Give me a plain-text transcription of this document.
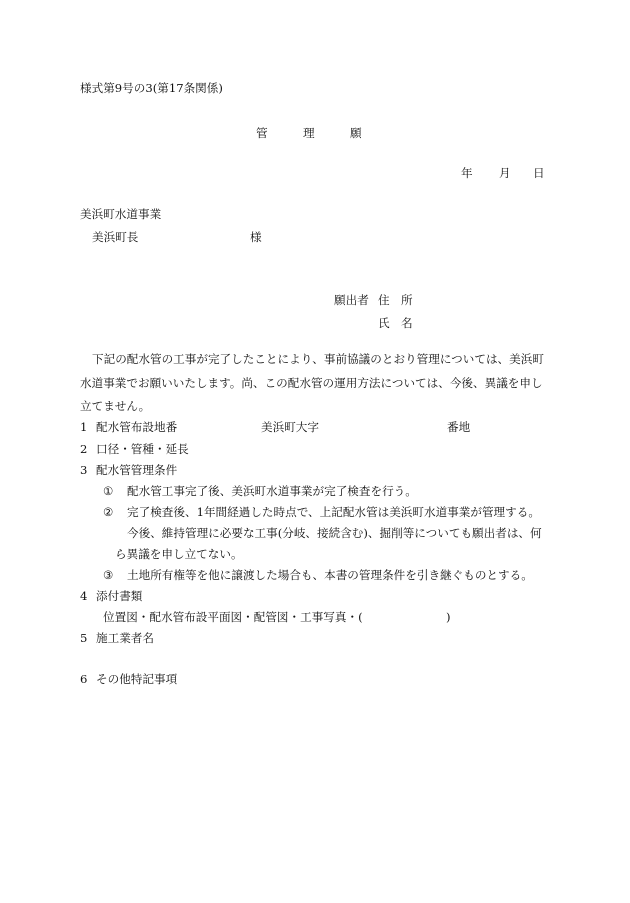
様式第9号の3(第17条関係)
管	理	願
年 月 日
美浜町水道事業
美浜町長	様
願出者 住 所
氏 名
下記の配水管の工事が完了したことにより、事前協議のとおり管理については、美浜町
水道事業でお願いいたします。尚、この配水管の運用方法については、今後、異議を申し
立てません。
1 配水管布設地番	美浜町大字	番地
2 口径・管種・延長
3 配水管管理条件
① 配水管工事完了後、美浜町水道事業が完了検査を行う。
② 完了検査後、1年間経過した時点で、上記配水管は美浜町水道事業が管理する。
今後、維持管理に必要な工事(分岐、接続含む)、掘削等についても願出者は、何
ら異議を申し立てない。
③ 土地所有権等を他に譲渡した場合も、本書の管理条件を引き継ぐものとする。
4 添付書類
位置図・配水管布設平面図・配管図・工事写真・(	)
5 施工業者名
6 その他特記事項
